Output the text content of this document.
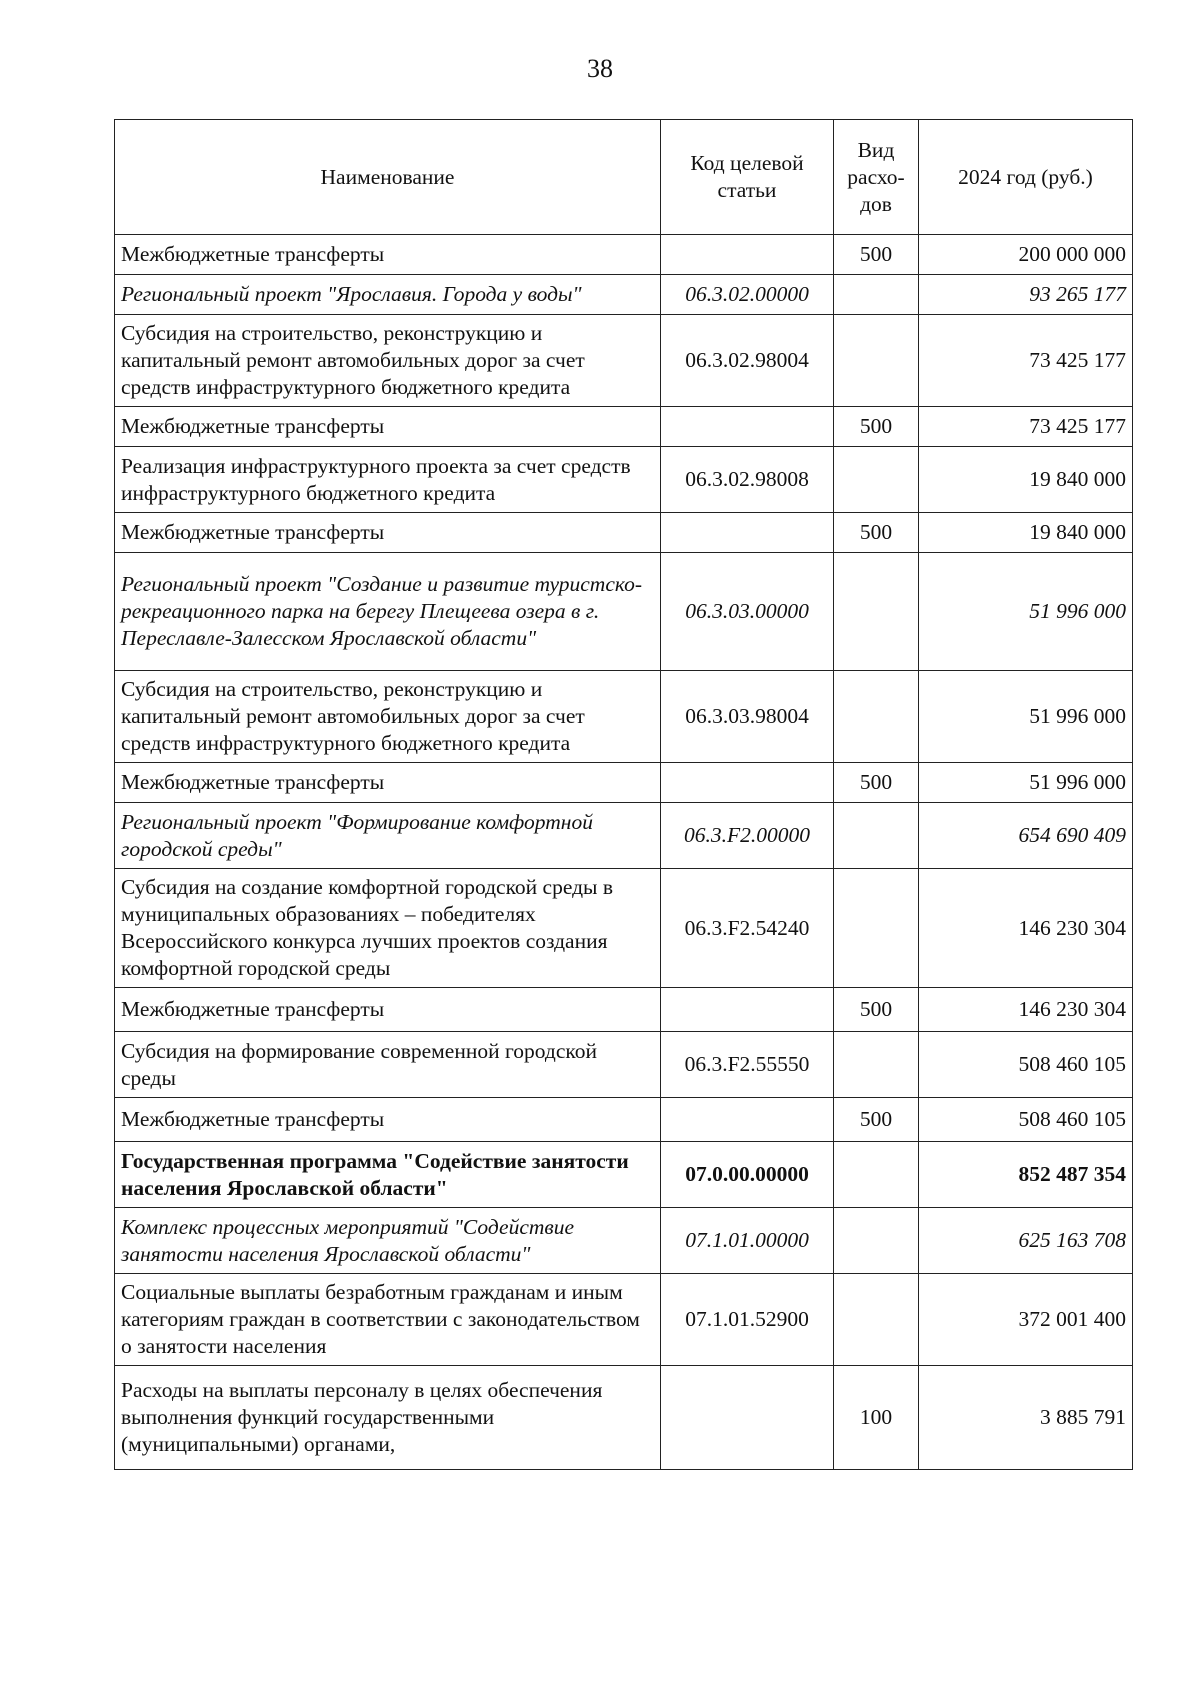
38
Наименование	Код целевой статьи	Вид расхо-дов	2024 год (руб.)
Межбюджетные трансферты		500	200 000 000
Региональный проект "Ярославия. Города у воды"	06.3.02.00000		93 265 177
Субсидия на строительство, реконструкцию и капитальный ремонт автомобильных дорог за счет средств инфраструктурного бюджетного кредита	06.3.02.98004		73 425 177
Межбюджетные трансферты		500	73 425 177
Реализация инфраструктурного проекта за счет средств инфраструктурного бюджетного кредита	06.3.02.98008		19 840 000
Межбюджетные трансферты		500	19 840 000
Региональный проект "Создание и развитие туристско-рекреационного парка на берегу Плещеева озера в г. Переславле-Залесском Ярославской области"	06.3.03.00000		51 996 000
Субсидия на строительство, реконструкцию и капитальный ремонт автомобильных дорог за счет средств инфраструктурного бюджетного кредита	06.3.03.98004		51 996 000
Межбюджетные трансферты		500	51 996 000
Региональный проект "Формирование комфортной городской среды"	06.3.F2.00000		654 690 409
Субсидия на создание комфортной городской среды в муниципальных образованиях – победителях Всероссийского конкурса лучших проектов создания комфортной городской среды	06.3.F2.54240		146 230 304
Межбюджетные трансферты		500	146 230 304
Субсидия на формирование современной городской среды	06.3.F2.55550		508 460 105
Межбюджетные трансферты		500	508 460 105
Государственная программа "Содействие занятости населения Ярославской области"	07.0.00.00000		852 487 354
Комплекс процессных мероприятий "Содействие занятости населения Ярославской области"	07.1.01.00000		625 163 708
Социальные выплаты безработным гражданам и иным категориям граждан в соответствии с законодательством о занятости населения	07.1.01.52900		372 001 400
Расходы на выплаты персоналу в целях обеспечения выполнения функций государственными (муниципальными) органами,		100	3 885 791
